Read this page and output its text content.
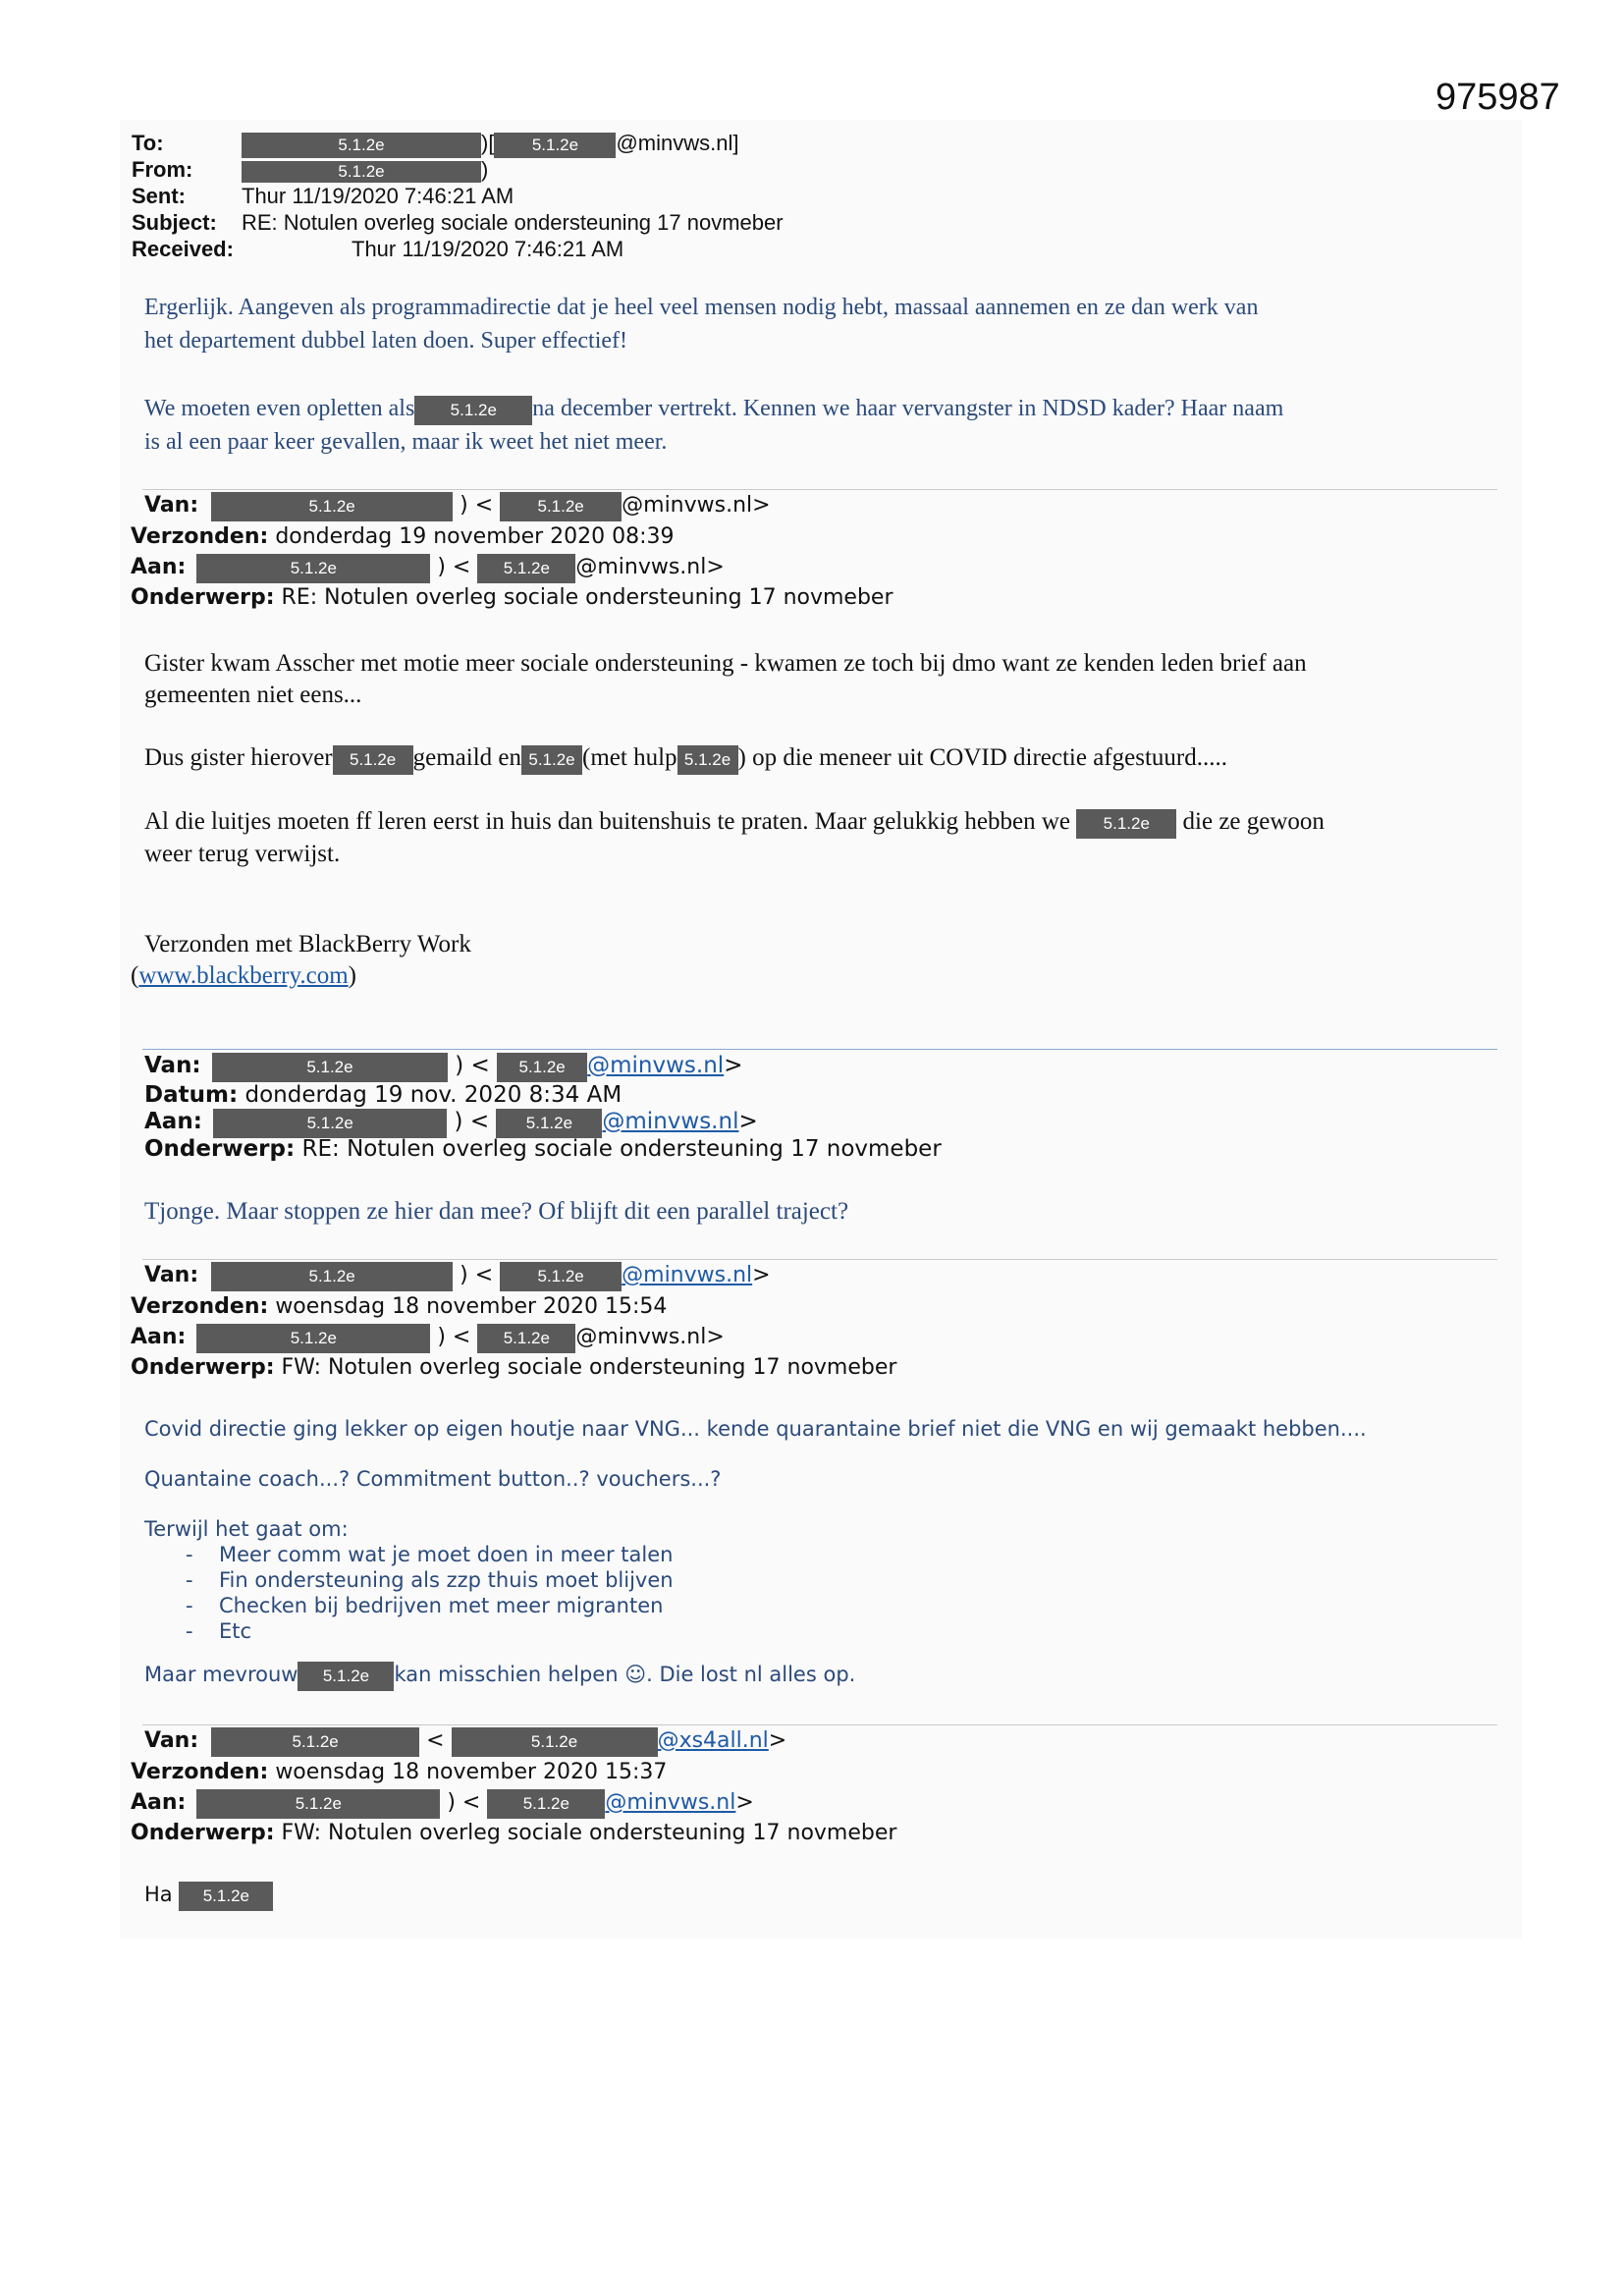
975987
To:	5.1.2e	)[ 5.1.2e @minvws.nl]
From:	5.1.2e	)
Sent:	Thur 11/19/2020 7:46:21 AM
Subject: RE: Notulen overleg sociale ondersteuning 17 novmeber
Received:	Thur 11/19/2020 7:46:21 AM
Ergerlijk. Aangeven als programmadirectie dat je heel veel mensen nodig hebt, massaal aannemen en ze dan werk van
het departement dubbel laten doen. Super effectief!
We moeten even opletten als 5.1.2e na december vertrekt. Kennen we haar vervangster in NDSD kader? Haar naam
is al een paar keer gevallen, maar ik weet het niet meer.
Van:	5.1.2e	) < 5.1.2e @minvws.nl>
Verzonden: donderdag 19 november 2020 08:39
Aan:	5.1.2e	) < 5.1.2e @minvws.nl>
Onderwerp: RE: Notulen overleg sociale ondersteuning 17 novmeber
Gister kwam Asscher met motie meer sociale ondersteuning - kwamen ze toch bij dmo want ze kenden leden brief aan
gemeenten niet eens...
Dus gister hierover 5.1.2e gemaild en 5.1.2e (met hulp 5.1.2e ) op die meneer uit COVID directie afgestuurd.....
Al die luitjes moeten ff leren eerst in huis dan buitenshuis te praten. Maar gelukkig hebben we 5.1.2e die ze gewoon
weer terug verwijst.
Verzonden met BlackBerry Work
(www.blackberry.com)
Van:	5.1.2e	) < 5.1.2e @minvws.nl>
Datum: donderdag 19 nov. 2020 8:34 AM
Aan:	5.1.2e	) < 5.1.2e @minvws.nl>
Onderwerp: RE: Notulen overleg sociale ondersteuning 17 novmeber
Tjonge. Maar stoppen ze hier dan mee? Of blijft dit een parallel traject?
Van:	5.1.2e	) < 5.1.2e @minvws.nl>
Verzonden: woensdag 18 november 2020 15:54
Aan:	5.1.2e	) < 5.1.2e @minvws.nl>
Onderwerp: FW: Notulen overleg sociale ondersteuning 17 novmeber
Covid directie ging lekker op eigen houtje naar VNG... kende quarantaine brief niet die VNG en wij gemaakt hebben....
Quantaine coach...? Commitment button..? vouchers...?
Terwijl het gaat om:
- Meer comm wat je moet doen in meer talen
- Fin ondersteuning als zzp thuis moet blijven
- Checken bij bedrijven met meer migranten
- Etc
Maar mevrouw 5.1.2e kan misschien helpen ☺. Die lost nl alles op.
Van:	5.1.2e	<	5.1.2e	@xs4all.nl>
Verzonden: woensdag 18 november 2020 15:37
Aan:	5.1.2e	) < 5.1.2e @minvws.nl>
Onderwerp: FW: Notulen overleg sociale ondersteuning 17 novmeber
Ha 5.1.2e
